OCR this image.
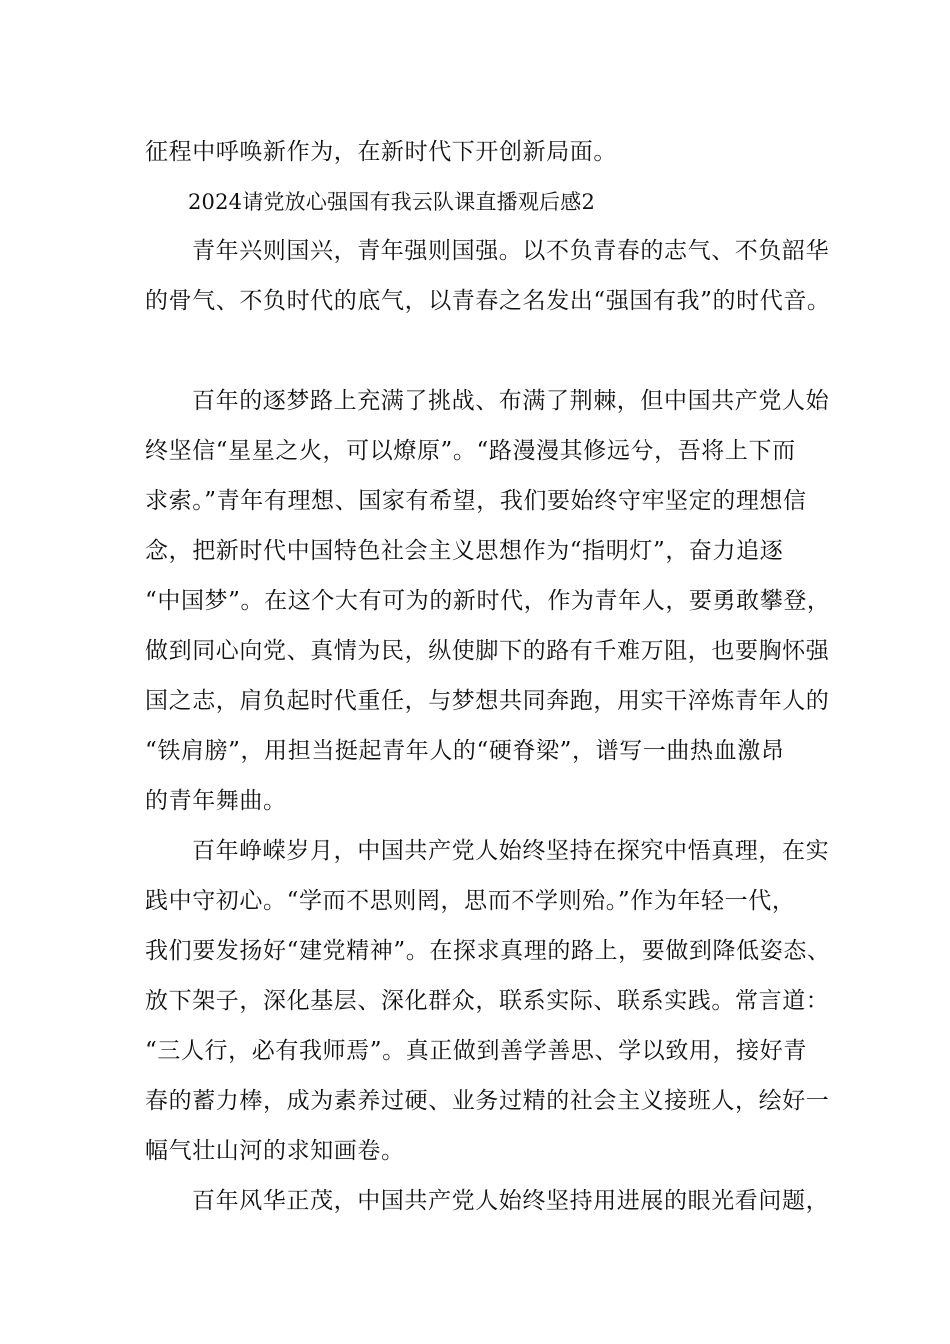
征程中呼唤新作为，在新时代下开创新局面。
2024请党放心强国有我云队课直播观后感2
青年兴则国兴，青年强则国强。以不负青春的志气、不负韶华
的骨气、不负时代的底气，以青春之名发出“强国有我”的时代音。
百年的逐梦路上充满了挑战、布满了荆棘，但中国共产党人始
终坚信“星星之火，可以燎原”。“路漫漫其修远兮，吾将上下而
求索。”青年有理想、国家有希望，我们要始终守牢坚定的理想信
念，把新时代中国特色社会主义思想作为“指明灯”，奋力追逐
“中国梦”。在这个大有可为的新时代，作为青年人，要勇敢攀登，
做到同心向党、真情为民，纵使脚下的路有千难万阻，也要胸怀强
国之志，肩负起时代重任，与梦想共同奔跑，用实干淬炼青年人的
“铁肩膀”，用担当挺起青年人的“硬脊梁”，谱写一曲热血激昂
的青年舞曲。
百年峥嵘岁月，中国共产党人始终坚持在探究中悟真理，在实
践中守初心。“学而不思则罔，思而不学则殆。”作为年轻一代，
我们要发扬好“建党精神”。在探求真理的路上，要做到降低姿态、
放下架子，深化基层、深化群众，联系实际、联系实践。常言道：
“三人行，必有我师焉”。真正做到善学善思、学以致用，接好青
春的蓄力棒，成为素养过硬、业务过精的社会主义接班人，绘好一
幅气壮山河的求知画卷。
百年风华正茂，中国共产党人始终坚持用进展的眼光看问题，
